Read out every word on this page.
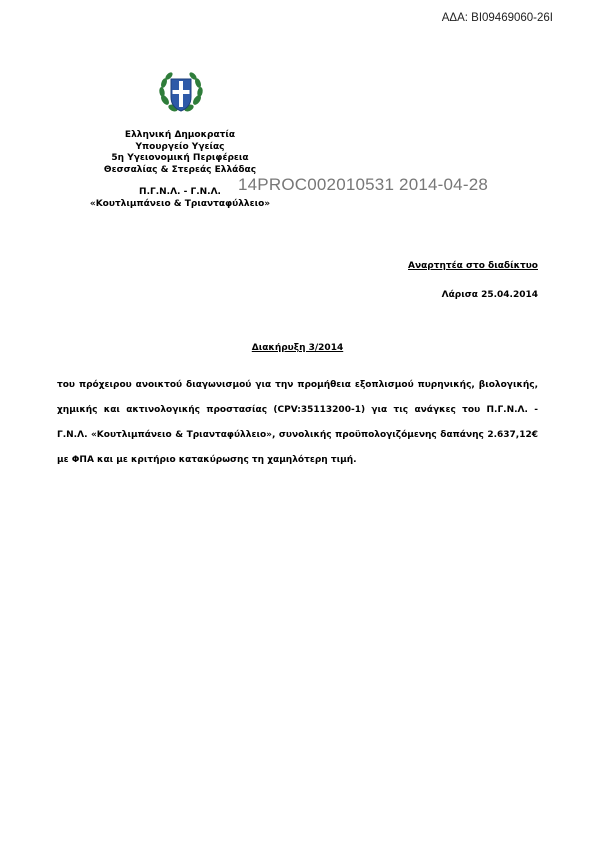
ΑΔΑ: ΒΙ09469060-26Ι
Ελληνική Δημοκρατία
Υπουργείο Υγείας
5η Υγειονομική Περιφέρεια
Θεσσαλίας & Στερεάς Ελλάδας
Π.Γ.Ν.Λ. - Γ.Ν.Λ.
«Κουτλιμπάνειο & Τριανταφύλλειο»
14PROC002010531 2014-04-28
Αναρτητέα στο διαδίκτυο
Λάρισα 25.04.2014
Διακήρυξη 3/2014
του πρόχειρου ανοικτού διαγωνισμού για την προμήθεια εξοπλισμού πυρηνικής, βιολογικής, χημικής και ακτινολογικής προστασίας (CPV:35113200-1) για τις ανάγκες του Π.Γ.Ν.Λ. - Γ.Ν.Λ. «Κουτλιμπάνειο & Τριανταφύλλειο», συνολικής προϋπολογιζόμενης δαπάνης 2.637,12€ με ΦΠΑ και με κριτήριο κατακύρωσης τη χαμηλότερη τιμή.
